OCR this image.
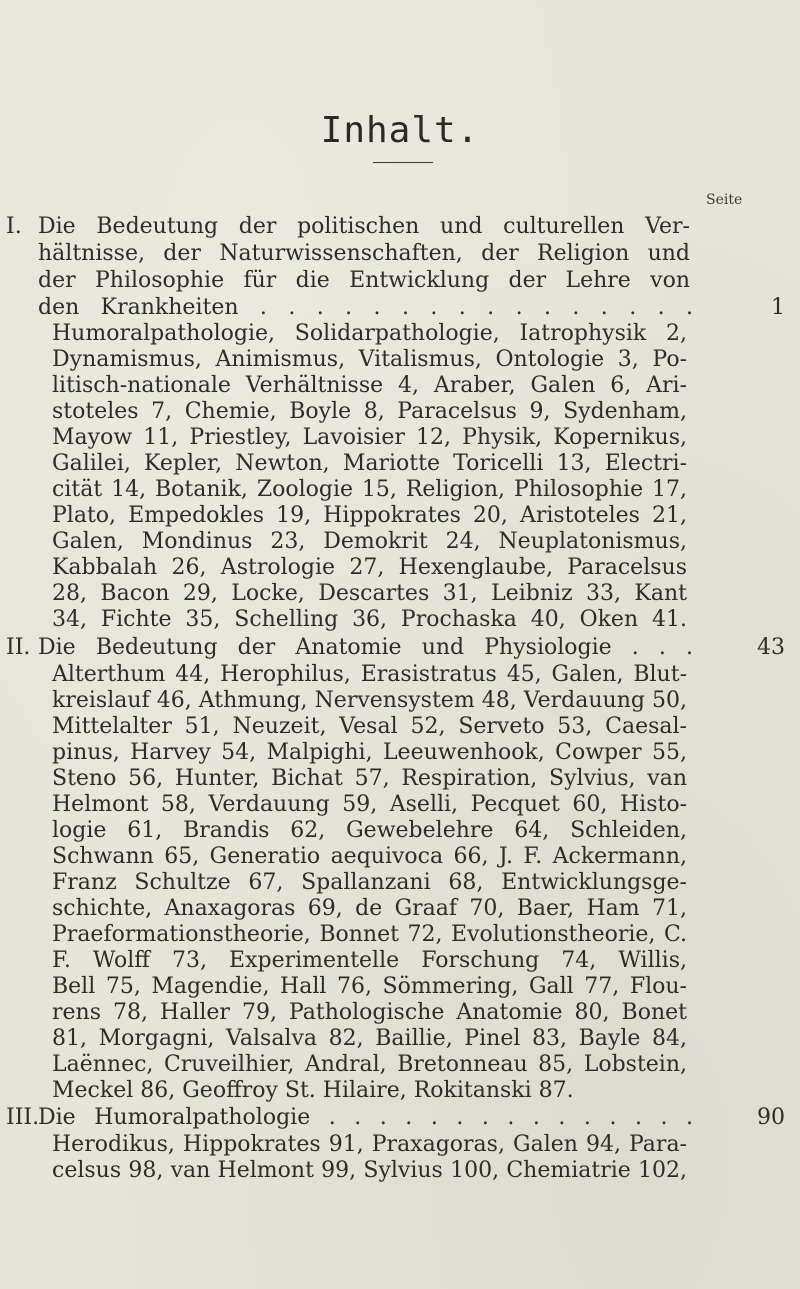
Inhalt.
Seite
I. Die Bedeutung der politischen und culturellen Ver-
hältnisse, der Naturwissenschaften, der Religion und
der Philosophie für die Entwicklung der Lehre von
den Krankheiten . . . . . . . . . . . . . . . .	1
Humoralpathologie, Solidarpathologie, Iatrophysik 2,
Dynamismus, Animismus, Vitalismus, Ontologie 3, Po-
litisch-nationale Verhältnisse 4, Araber, Galen 6, Ari-
stoteles 7, Chemie, Boyle 8, Paracelsus 9, Sydenham,
Mayow 11, Priestley, Lavoisier 12, Physik, Kopernikus,
Galilei, Kepler, Newton, Mariotte Toricelli 13, Electri-
cität 14, Botanik, Zoologie 15, Religion, Philosophie 17,
Plato, Empedokles 19, Hippokrates 20, Aristoteles 21,
Galen, Mondinus 23, Demokrit 24, Neuplatonismus,
Kabbalah 26, Astrologie 27, Hexenglaube, Paracelsus
28, Bacon 29, Locke, Descartes 31, Leibniz 33, Kant
34, Fichte 35, Schelling 36, Prochaska 40, Oken 41.
II. Die Bedeutung der Anatomie und Physiologie . . .	43
Alterthum 44, Herophilus, Erasistratus 45, Galen, Blut-
kreislauf 46, Athmung, Nervensystem 48, Verdauung 50,
Mittelalter 51, Neuzeit, Vesal 52, Serveto 53, Caesal-
pinus, Harvey 54, Malpighi, Leeuwenhook, Cowper 55,
Steno 56, Hunter, Bichat 57, Respiration, Sylvius, van
Helmont 58, Verdauung 59, Aselli, Pecquet 60, Histo-
logie 61, Brandis 62, Gewebelehre 64, Schleiden,
Schwann 65, Generatio aequivoca 66, J. F. Ackermann,
Franz Schultze 67, Spallanzani 68, Entwicklungsge-
schichte, Anaxagoras 69, de Graaf 70, Baer, Ham 71,
Praeformationstheorie, Bonnet 72, Evolutionstheorie, C.
F. Wolff 73, Experimentelle Forschung 74, Willis,
Bell 75, Magendie, Hall 76, Sömmering, Gall 77, Flou-
rens 78, Haller 79, Pathologische Anatomie 80, Bonet
81, Morgagni, Valsalva 82, Baillie, Pinel 83, Bayle 84,
Laënnec, Cruveilhier, Andral, Bretonneau 85, Lobstein,
Meckel 86, Geoffroy St. Hilaire, Rokitanski 87.
III.
Die Humoralpathologie . . . . . . . . . . . . . . .	90
Herodikus, Hippokrates 91, Praxagoras, Galen 94, Para-
celsus 98, van Helmont 99, Sylvius 100, Chemiatrie 102,
